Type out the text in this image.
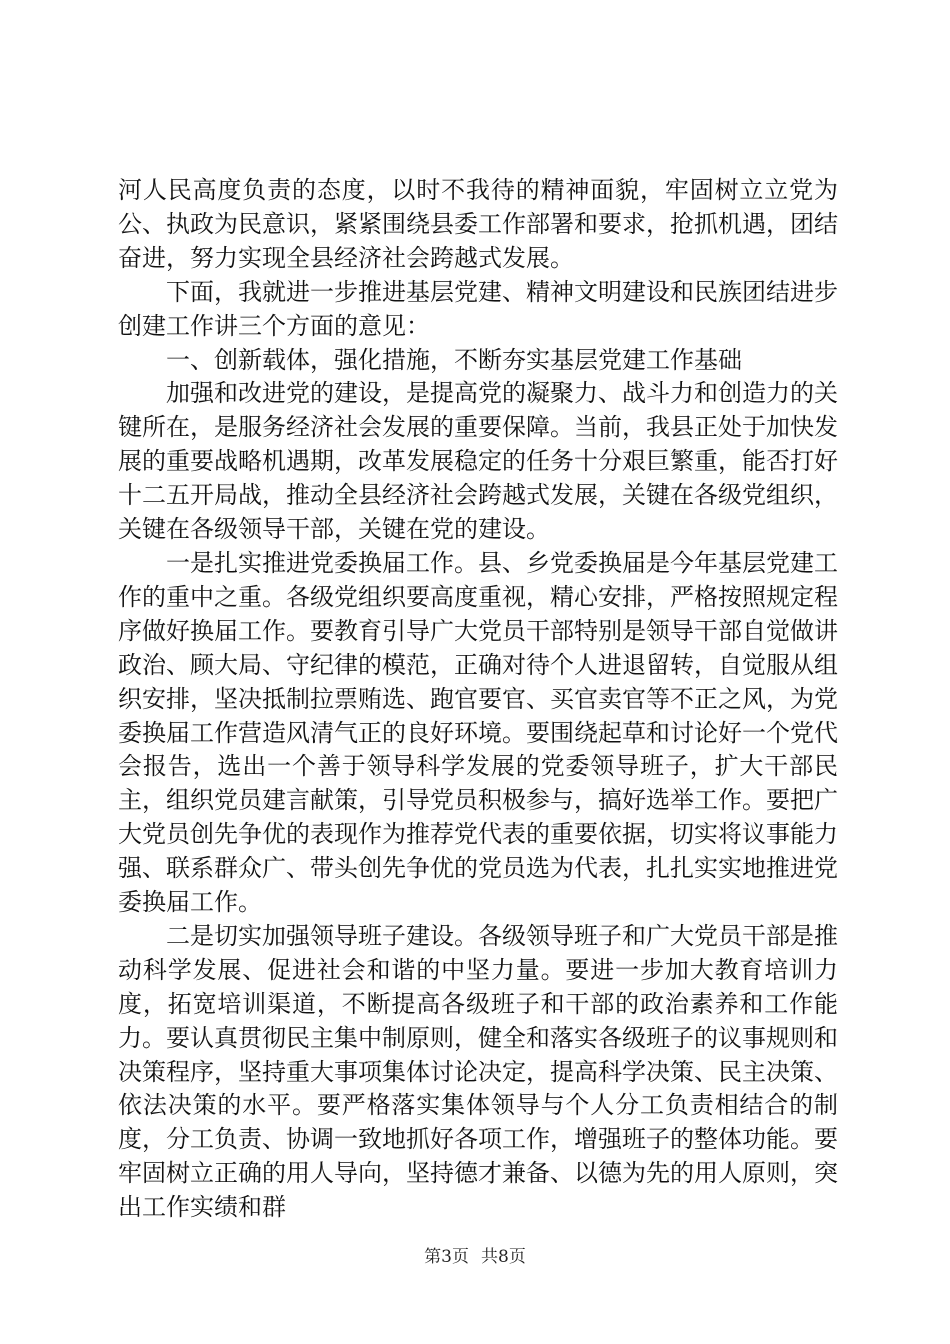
河人民高度负责的态度，以时不我待的精神面貌，牢固树立立党为公、执政为民意识，紧紧围绕县委工作部署和要求，抢抓机遇，团结奋进，努力实现全县经济社会跨越式发展。

下面，我就进一步推进基层党建、精神文明建设和民族团结进步创建工作讲三个方面的意见：

一、创新载体，强化措施，不断夯实基层党建工作基础

加强和改进党的建设，是提高党的凝聚力、战斗力和创造力的关键所在，是服务经济社会发展的重要保障。当前，我县正处于加快发展的重要战略机遇期，改革发展稳定的任务十分艰巨繁重，能否打好十二五开局战，推动全县经济社会跨越式发展，关键在各级党组织，关键在各级领导干部，关键在党的建设。

一是扎实推进党委换届工作。县、乡党委换届是今年基层党建工作的重中之重。各级党组织要高度重视，精心安排，严格按照规定程序做好换届工作。要教育引导广大党员干部特别是领导干部自觉做讲政治、顾大局、守纪律的模范，正确对待个人进退留转，自觉服从组织安排，坚决抵制拉票贿选、跑官要官、买官卖官等不正之风，为党委换届工作营造风清气正的良好环境。要围绕起草和讨论好一个党代会报告，选出一个善于领导科学发展的党委领导班子，扩大干部民主，组织党员建言献策，引导党员积极参与，搞好选举工作。要把广大党员创先争优的表现作为推荐党代表的重要依据，切实将议事能力强、联系群众广、带头创先争优的党员选为代表，扎扎实实地推进党委换届工作。

二是切实加强领导班子建设。各级领导班子和广大党员干部是推动科学发展、促进社会和谐的中坚力量。要进一步加大教育培训力度，拓宽培训渠道，不断提高各级班子和干部的政治素养和工作能力。要认真贯彻民主集中制原则，健全和落实各级班子的议事规则和决策程序，坚持重大事项集体讨论决定，提高科学决策、民主决策、依法决策的水平。要严格落实集体领导与个人分工负责相结合的制度，分工负责、协调一致地抓好各项工作，增强班子的整体功能。要牢固树立正确的用人导向，坚持德才兼备、以德为先的用人原则，突出工作实绩和群

第3页 共8页
